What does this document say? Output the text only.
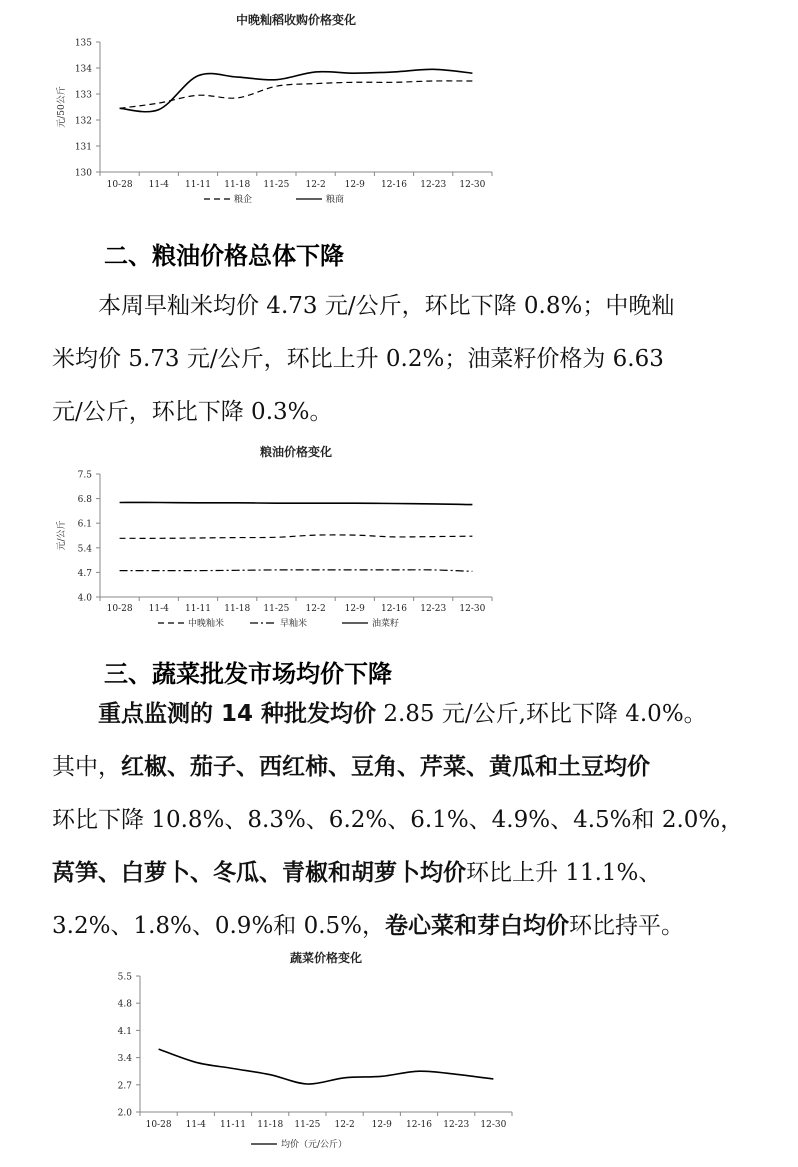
中晚籼稻收购价格变化
130
131
132
133
134
135
10-28 11-4 11-11 11-18 11-25 12-2 12-9 12-16 12-23 12-30
元/50公斤
粮企	粮商
二、粮油价格总体下降

　　本周早籼米均价 4.73 元/公斤，环比下降 0.8%；中晚籼

米均价 5.73 元/公斤，环比上升 0.2%；油菜籽价格为 6.63

元/公斤，环比下降 0.3%。

粮油价格变化
4.0
4.7
5.4
6.1
6.8
7.5
10-28 11-4 11-11 11-18 11-25 12-2 12-9 12-16 12-23 12-30
元/公斤
中晚籼米	早籼米	油菜籽
三、蔬菜批发市场均价下降

　　重点监测的 14 种批发均价 2.85 元/公斤,环比下降 4.0%。

其中，红椒、茄子、西红柿、豆角、芹菜、黄瓜和土豆均价

环比下降 10.8%、8.3%、6.2%、6.1%、4.9%、4.5%和 2.0%，

莴笋、白萝卜、冬瓜、青椒和胡萝卜均价环比上升 11.1%、

3.2%、1.8%、0.9%和 0.5%，卷心菜和芽白均价环比持平。

蔬菜价格变化
2.0
2.7
3.4
4.1
4.8
5.5
10-28 11-4 11-11 11-18 11-25 12-2 12-9 12-16 12-23 12-30
均价（元/公斤）
